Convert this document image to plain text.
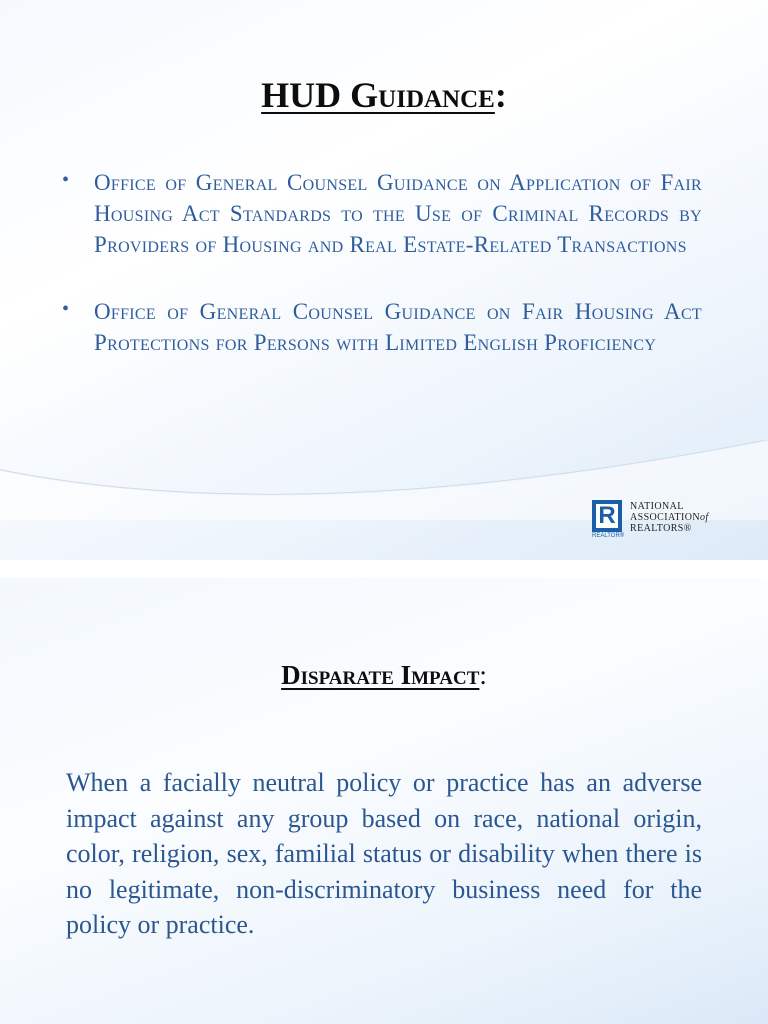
HUD Guidance:
• Office of General Counsel Guidance on Application of Fair Housing Act Standards to the Use of Criminal Records by Providers of Housing and Real Estate-Related Transactions
• Office of General Counsel Guidance on Fair Housing Act Protections for Persons with Limited English Proficiency
R
REALTOR®
NATIONAL
ASSOCIATIONof
REALTORS®
Disparate Impact:

When a facially neutral policy or practice has an adverse impact against any group based on race, national origin, color, religion, sex, familial status or disability when there is no legitimate, non-discriminatory business need for the policy or practice.
